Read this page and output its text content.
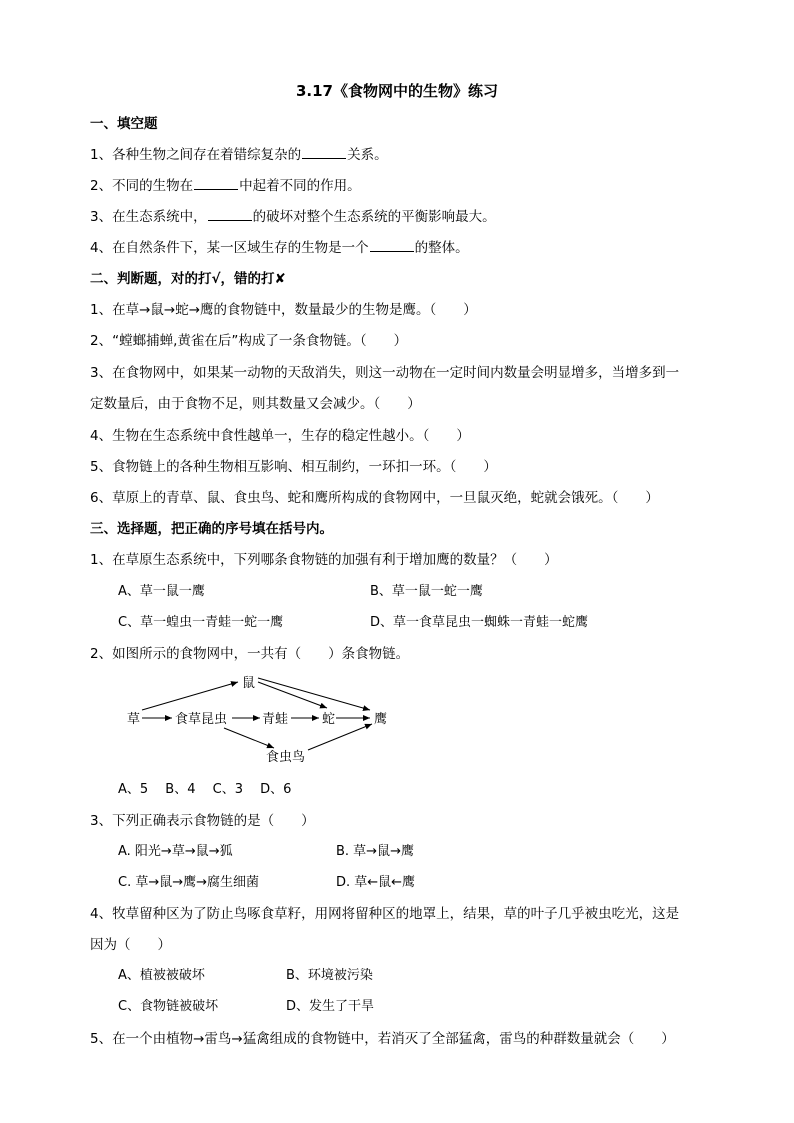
3.17《食物网中的生物》练习
一、填空题
1、各种生物之间存在着错综复杂的	关系。
2、不同的生物在	中起着不同的作用。
3、在生态系统中，	的破坏对整个生态系统的平衡影响最大。
4、在自然条件下，某一区域生存的生物是一个	的整体。
二、判断题，对的打√，错的打✘
1、在草→鼠→蛇→鹰的食物链中，数量最少的生物是鹰。（　　）
2、“螳螂捕蝉,黄雀在后”构成了一条食物链。（　　）
3、在食物网中，如果某一动物的天敌消失，则这一动物在一定时间内数量会明显增多，当增多到一
定数量后，由于食物不足，则其数量又会减少。（　　）
4、生物在生态系统中食性越单一，生存的稳定性越小。（　　）
5、食物链上的各种生物相互影响、相互制约，一环扣一环。（　　）
6、草原上的青草、鼠、食虫鸟、蛇和鹰所构成的食物网中，一旦鼠灭绝，蛇就会饿死。（　　）
三、选择题，把正确的序号填在括号内。
1、在草原生态系统中，下列哪条食物链的加强有利于增加鹰的数量？（　　）
A、草一鼠一鹰	B、草一鼠一蛇一鹰
C、草一蝗虫一青蛙一蛇一鹰	D、草一食草昆虫一蜘蛛一青蛙一蛇鹰
2、如图所示的食物网中，一共有（　　）条食物链。
草	食草昆虫
鼠
青蛙	蛇	鹰
食虫鸟
A、5　 B、4　 C、3　 D、6
3、下列正确表示食物链的是（　　）
A. 阳光→草→鼠→狐	B. 草→鼠→鹰
C. 草→鼠→鹰→腐生细菌	D. 草←鼠←鹰
4、牧草留种区为了防止鸟啄食草籽，用网将留种区的地罩上，结果，草的叶子几乎被虫吃光，这是
因为（　　）
A、植被被破坏	B、环境被污染
C、食物链被破坏	D、发生了干旱
5、在一个由植物→雷鸟→猛禽组成的食物链中，若消灭了全部猛禽，雷鸟的种群数量就会（　　）
